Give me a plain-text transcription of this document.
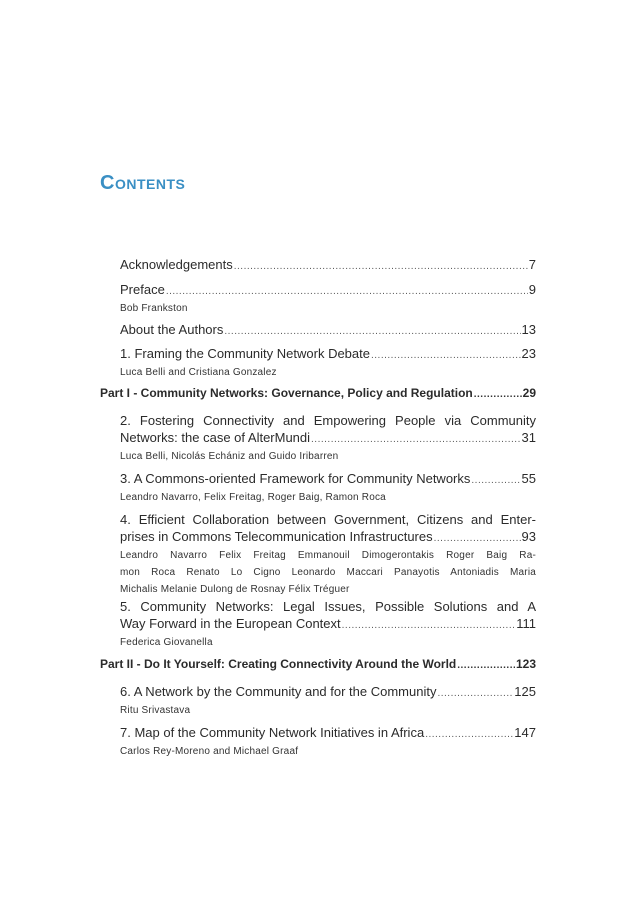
Contents
Acknowledgements .....	7
Preface .....	9
Bob Frankston
About the Authors .....	13
1. Framing the Community Network Debate .....	23
Luca Belli and Cristiana Gonzalez
Part I - Community Networks: Governance, Policy and Regulation .....	29
2. Fostering Connectivity and Empowering People via Community
Networks: the case of AlterMundi .....	31
Luca Belli, Nicolás Echániz and Guido Iribarren
3. A Commons-oriented Framework for Community Networks .....	55
Leandro Navarro, Felix Freitag, Roger Baig, Ramon Roca
4. Efficient Collaboration between Government, Citizens and Enter-
prises in Commons Telecommunication Infrastructures .....	93
Leandro Navarro Felix Freitag Emmanouil Dimogerontakis Roger Baig Ra-
mon Roca Renato Lo Cigno Leonardo Maccari Panayotis Antoniadis Maria
Michalis Melanie Dulong de Rosnay Félix Tréguer
5. Community Networks: Legal Issues, Possible Solutions and A
Way Forward in the European Context .....	111
Federica Giovanella
Part II - Do It Yourself: Creating Connectivity Around the World .....	123
6. A Network by the Community and for the Community .....	125
Ritu Srivastava
7. Map of the Community Network Initiatives in Africa .....	147
Carlos Rey-Moreno and Michael Graaf
